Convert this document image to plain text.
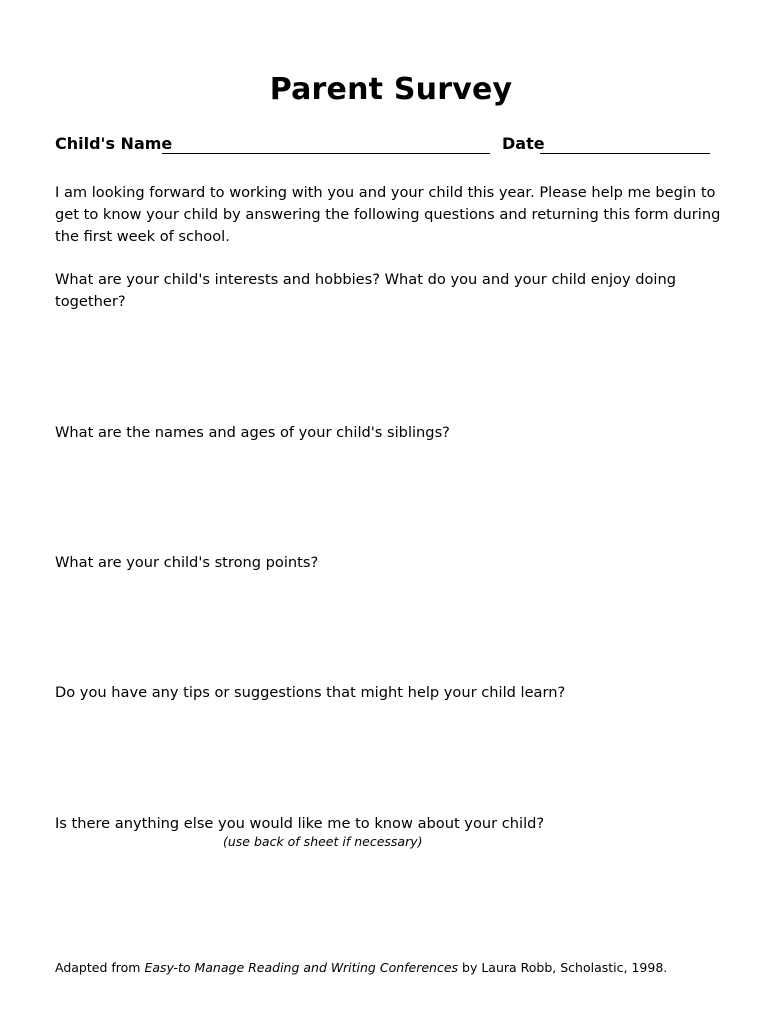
Parent Survey
Child's Name	Date
I am looking forward to working with you and your child this year. Please help me begin to get to know your child by answering the following questions and returning this form during the first week of school.
What are your child's interests and hobbies? What do you and your child enjoy doing together?
What are the names and ages of your child's siblings?
What are your child's strong points?
Do you have any tips or suggestions that might help your child learn?
Is there anything else you would like me to know about your child?
(use back of sheet if necessary)
Adapted from Easy-to Manage Reading and Writing Conferences by Laura Robb, Scholastic, 1998.
